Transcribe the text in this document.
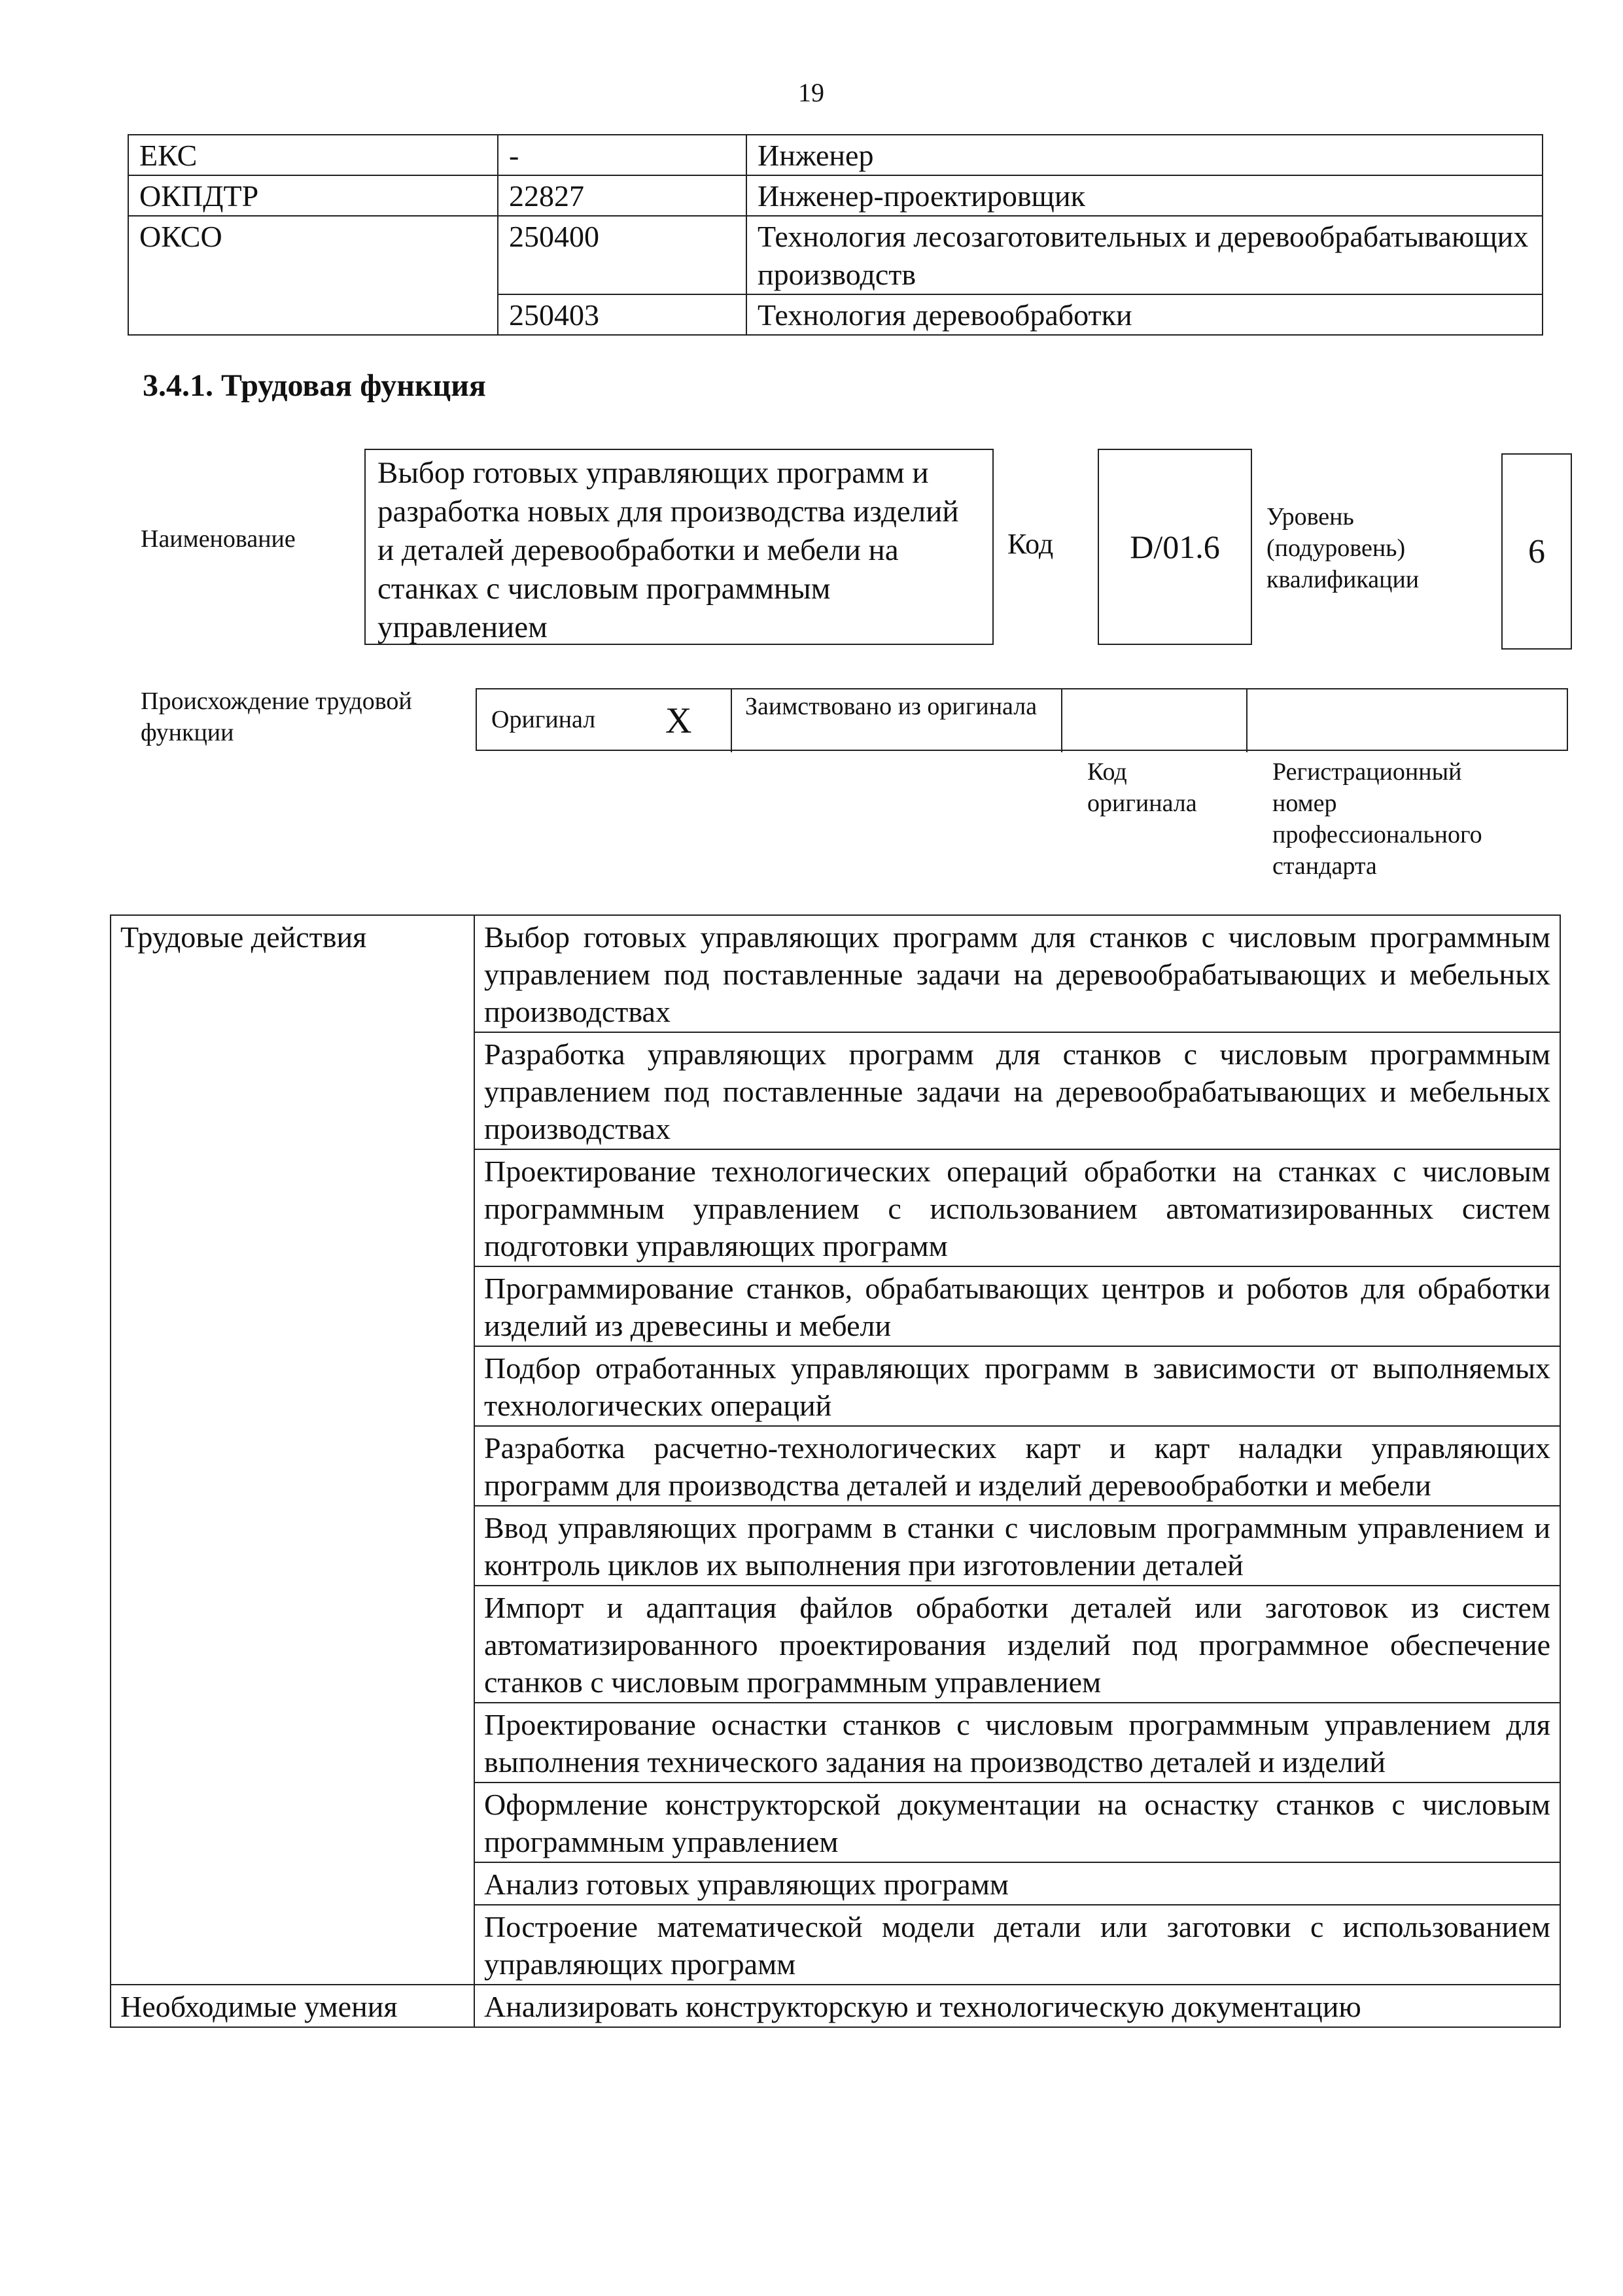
19
ЕКС	-	Инженер
ОКПДТР	22827	Инженер-проектировщик
ОКСО	250400	Технология лесозаготовительных и деревообрабатывающих производств
	250403	Технология деревообработки
3.4.1. Трудовая функция
Наименование
Выбор готовых управляющих программ и разработка новых для производства изделий и деталей деревообработки и мебели на станках с числовым программным управлением
Код D/01.6
Уровень (подуровень) квалификации
6
Происхождение трудовой функции	Оригинал X Заимствовано из оригинала
Код оригинала
Регистрационный номер профессионального стандарта
Трудовые действия	Выбор готовых управляющих программ для станков с числовым программным управлением под поставленные задачи на деревообрабатывающих и мебельных производствах
	Разработка управляющих программ для станков с числовым программным управлением под поставленные задачи на деревообрабатывающих и мебельных производствах
	Проектирование технологических операций обработки на станках с числовым программным управлением с использованием автоматизированных систем подготовки управляющих программ
	Программирование станков, обрабатывающих центров и роботов для обработки изделий из древесины и мебели
	Подбор отработанных управляющих программ в зависимости от выполняемых технологических операций
	Разработка расчетно-технологических карт и карт наладки управляющих программ для производства деталей и изделий деревообработки и мебели
	Ввод управляющих программ в станки с числовым программным управлением и контроль циклов их выполнения при изготовлении деталей
	Импорт и адаптация файлов обработки деталей или заготовок из систем автоматизированного проектирования изделий под программное обеспечение станков с числовым программным управлением
	Проектирование оснастки станков с числовым программным управлением для выполнения технического задания на производство деталей и изделий
	Оформление конструкторской документации на оснастку станков с числовым программным управлением
	Анализ готовых управляющих программ
	Построение математической модели детали или заготовки с использованием управляющих программ
Необходимые умения	Анализировать конструкторскую и технологическую документацию
